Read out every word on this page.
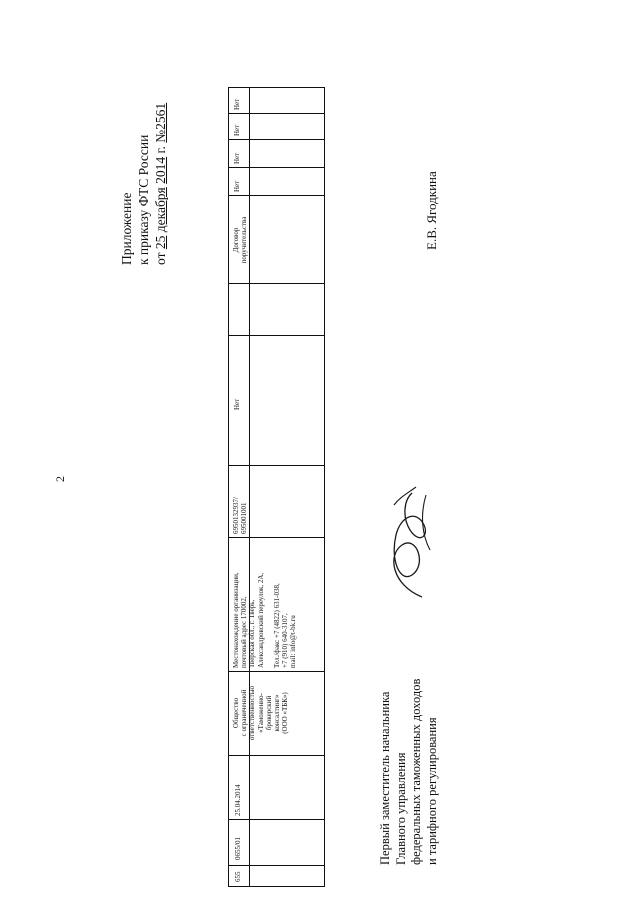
2
Приложение к приказу ФТС России от 25 декабря 2014 г. №2561
655
0655/01
25.04.2014
Общество с ограниченной ответственностью «Таможенно- брокерский консалтинг» (ООО «ТБК»)
Местонахождение организации, почтовый адрес 170002, Тверская обл., г. Тверь, Александровский переулок, 2А, Тел./факс +7 (4822) 631-038, +7 (910) 640-3107, mail: info@t-bk.ru
6950132937/ 695001001
Нет
Договор поручительства
Нет
Нет
Нет
Нет
Первый заместитель начальника Главного управления федеральных таможенных доходов и тарифного регулирования
Е.В. Ягодкина
